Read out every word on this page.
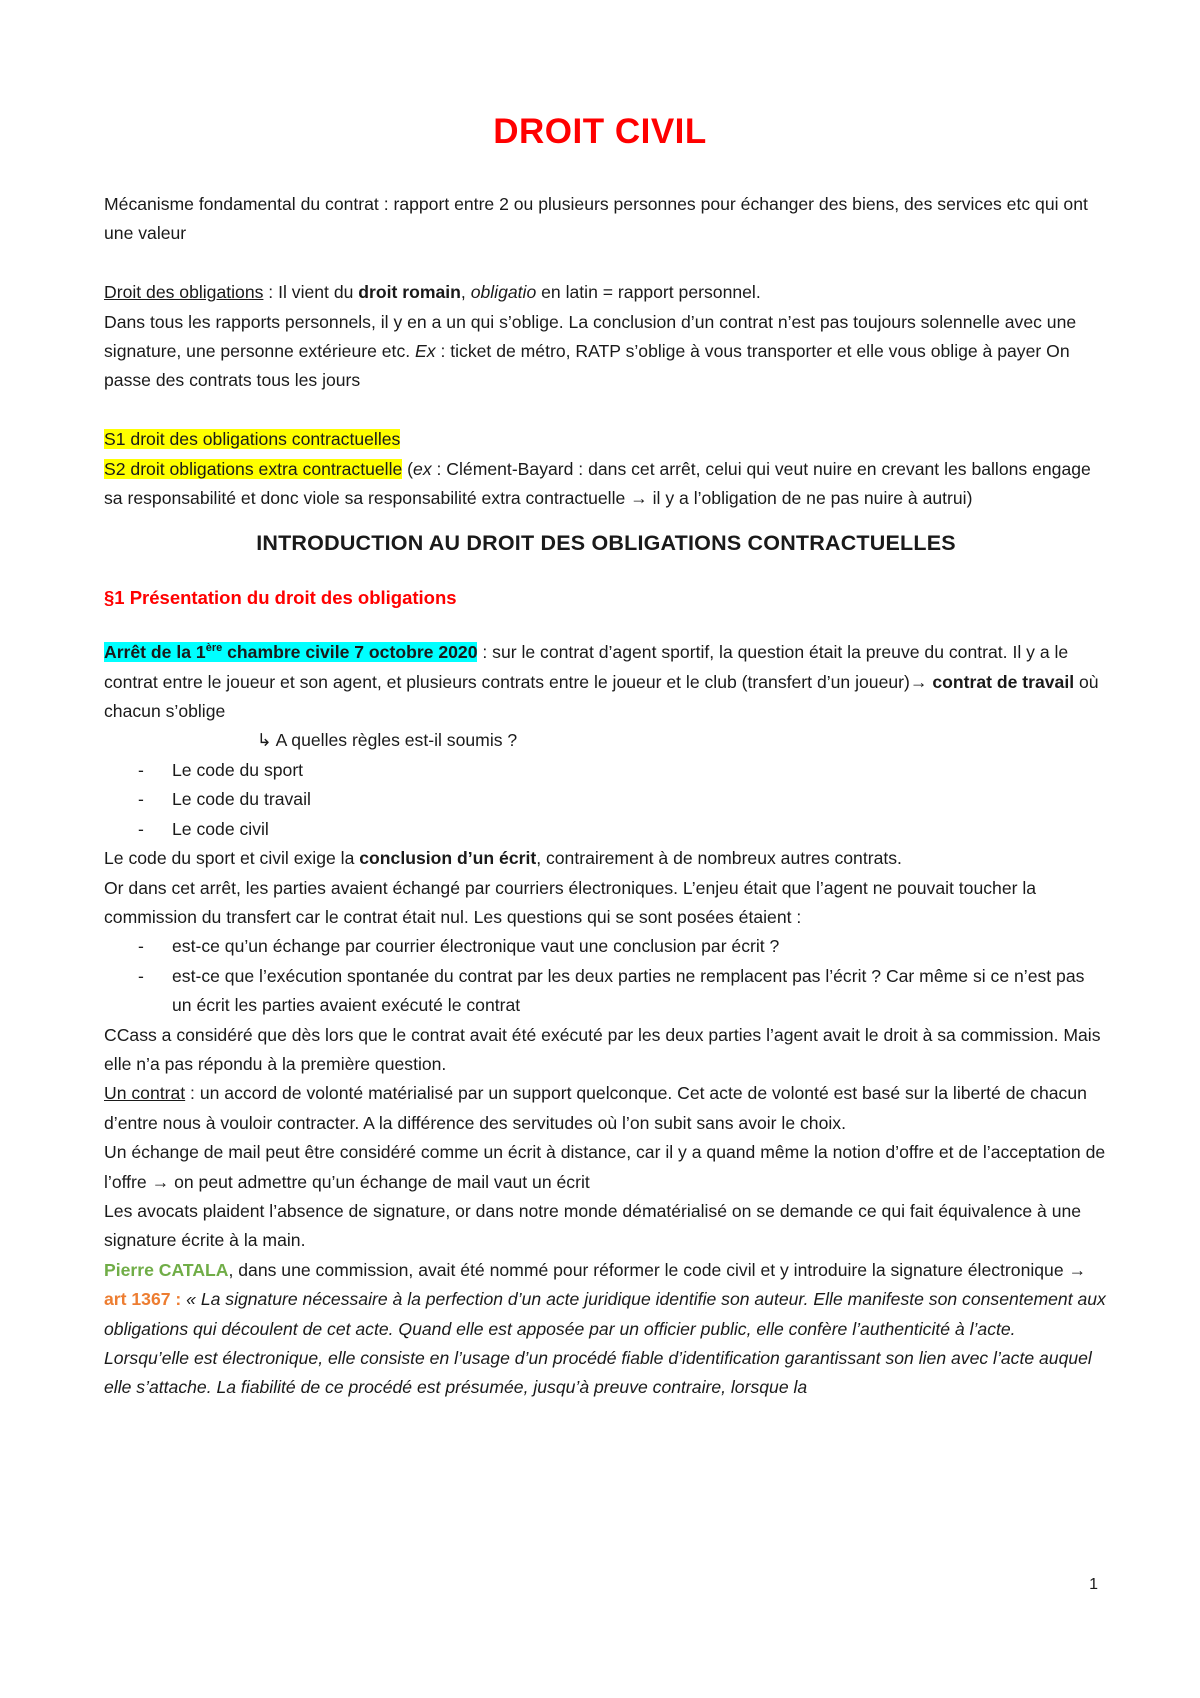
DROIT CIVIL

Mécanisme fondamental du contrat : rapport entre 2 ou plusieurs personnes pour échanger des biens, des services etc qui ont une valeur

Droit des obligations : Il vient du droit romain, obligatio en latin = rapport personnel.

Dans tous les rapports personnels, il y en a un qui s’oblige. La conclusion d’un contrat n’est pas toujours solennelle avec une signature, une personne extérieure etc. Ex : ticket de métro, RATP s’oblige à vous transporter et elle vous oblige à payer On passe des contrats tous les jours

S1 droit des obligations contractuelles

S2 droit obligations extra contractuelle (ex : Clément-Bayard : dans cet arrêt, celui qui veut nuire en crevant les ballons engage sa responsabilité et donc viole sa responsabilité extra contractuelle → il y a l’obligation de ne pas nuire à autrui)

INTRODUCTION AU DROIT DES OBLIGATIONS CONTRACTUELLES
§1 Présentation du droit des obligations

Arrêt de la 1ère chambre civile 7 octobre 2020 : sur le contrat d’agent sportif, la question était la preuve du contrat. Il y a le contrat entre le joueur et son agent, et plusieurs contrats entre le joueur et le club (transfert d’un joueur)→ contrat de travail où chacun s’oblige

↳ A quelles règles est-il soumis ?

-	Le code du sport
-	Le code du travail
-	Le code civil

Le code du sport et civil exige la conclusion d’un écrit, contrairement à de nombreux autres contrats.

Or dans cet arrêt, les parties avaient échangé par courriers électroniques. L’enjeu était que l’agent ne pouvait toucher la commission du transfert car le contrat était nul. Les questions qui se sont posées étaient :

-	est-ce qu’un échange par courrier électronique vaut une conclusion par écrit ?
-	est-ce que l’exécution spontanée du contrat par les deux parties ne remplacent pas l’écrit ? Car même si ce n’est pas un écrit les parties avaient exécuté le contrat

CCass a considéré que dès lors que le contrat avait été exécuté par les deux parties l’agent avait le droit à sa commission. Mais elle n’a pas répondu à la première question.

Un contrat : un accord de volonté matérialisé par un support quelconque. Cet acte de volonté est basé sur la liberté de chacun d’entre nous à vouloir contracter. A la différence des servitudes où l’on subit sans avoir le choix.

Un échange de mail peut être considéré comme un écrit à distance, car il y a quand même la notion d’offre et de l’acceptation de l’offre → on peut admettre qu’un échange de mail vaut un écrit

Les avocats plaident l’absence de signature, or dans notre monde dématérialisé on se demande ce qui fait équivalence à une signature écrite à la main.

Pierre CATALA, dans une commission, avait été nommé pour réformer le code civil et y introduire la signature électronique → art 1367 : « La signature nécessaire à la perfection d’un acte juridique identifie son auteur. Elle manifeste son consentement aux obligations qui découlent de cet acte. Quand elle est apposée par un officier public, elle confère l’authenticité à l’acte.

Lorsqu’elle est électronique, elle consiste en l’usage d’un procédé fiable d’identification garantissant son lien avec l’acte auquel elle s’attache. La fiabilité de ce procédé est présumée, jusqu’à preuve contraire, lorsque la

1
